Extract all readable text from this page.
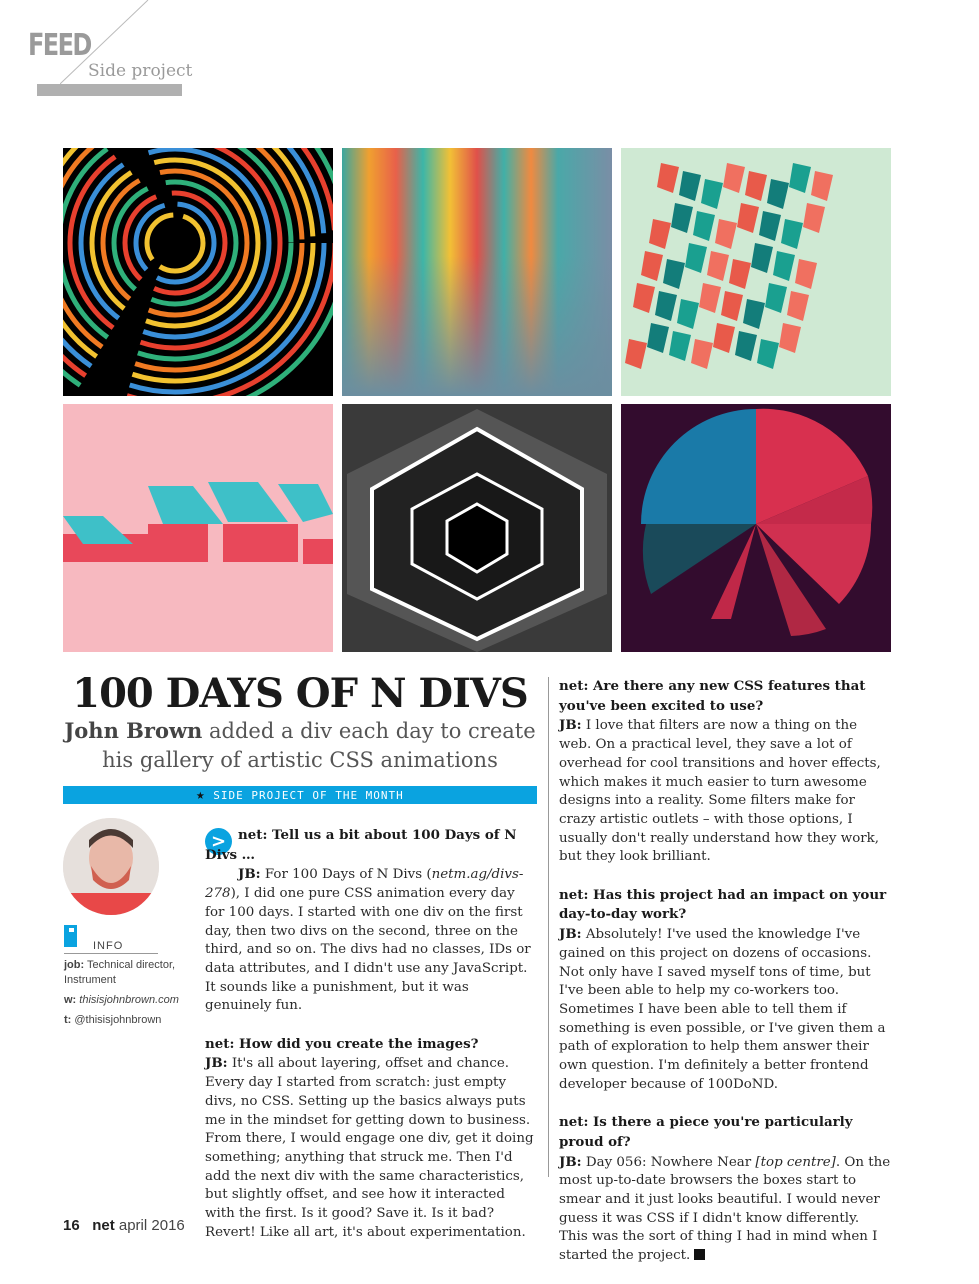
FEED
Side project
100 DAYS OF N DIVS
John Brown added a div each day to create his gallery of artistic CSS animations
★ SIDE PROJECT OF THE MONTH
INFO
job: Technical director, Instrument
w: thisisjohnbrown.com
t: @thisisjohnbrown
> net: Tell us a bit about 100 Days of N Divs …
JB: For 100 Days of N Divs (netm.ag/divs-278), I did one pure CSS animation every day for 100 days. I started with one div on the first day, then two divs on the second, three on the third, and so on. The divs had no classes, IDs or data attributes, and I didn't use any JavaScript. It sounds like a punishment, but it was genuinely fun.

net: How did you create the images?
JB: It's all about layering, offset and chance. Every day I started from scratch: just empty divs, no CSS. Setting up the basics always puts me in the mindset for getting down to business. From there, I would engage one div, get it doing something; anything that struck me. Then I'd add the next div with the same characteristics, but slightly offset, and see how it interacted with the first. Is it good? Save it. Is it bad? Revert! Like all art, it's about experimentation.

net: Are there any new CSS features that you've been excited to use?
JB: I love that filters are now a thing on the web. On a practical level, they save a lot of overhead for cool transitions and hover effects, which makes it much easier to turn awesome designs into a reality. Some filters make for crazy artistic outlets – with those options, I usually don't really understand how they work, but they look brilliant.

net: Has this project had an impact on your day-to-day work?
JB: Absolutely! I've used the knowledge I've gained on this project on dozens of occasions. Not only have I saved myself tons of time, but I've been able to help my co-workers too. Sometimes I have been able to tell them if something is even possible, or I've given them a path of exploration to help them answer their own question. I'm definitely a better frontend developer because of 100DoND.

net: Is there a piece you're particularly proud of?
JB: Day 056: Nowhere Near [top centre]. On the most up-to-date browsers the boxes start to smear and it just looks beautiful. I would never guess it was CSS if I didn't know differently. This was the sort of thing I had in mind when I started the project.

16 net april 2016
